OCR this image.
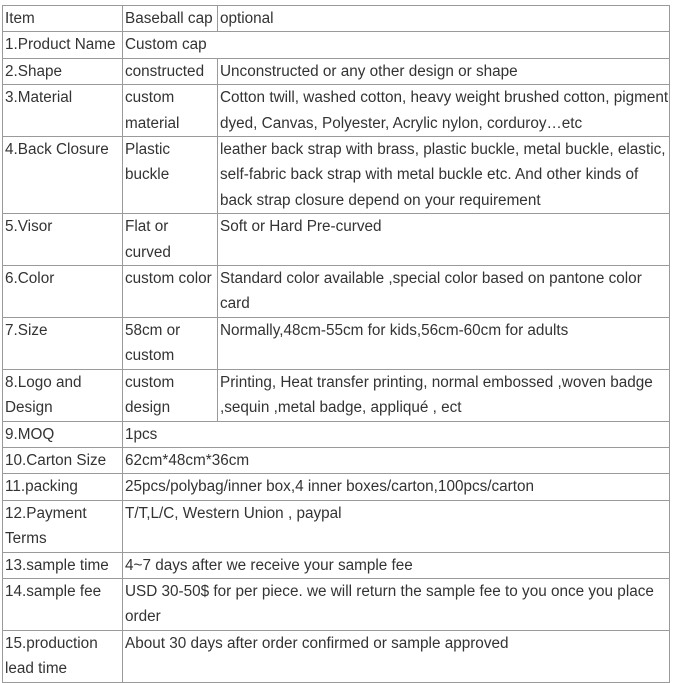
Item	Baseball cap	optional
1.Product Name	Custom cap	
2.Shape	constructed	Unconstructed or any other design or shape
3.Material	custom material	Cotton twill, washed cotton, heavy weight brushed cotton, pigment dyed, Canvas, Polyester, Acrylic nylon, corduroy…etc
4.Back Closure	Plastic buckle	leather back strap with brass, plastic buckle, metal buckle, elastic, self-fabric back strap with metal buckle etc. And other kinds of back strap closure depend on your requirement
5.Visor	Flat or curved	Soft or Hard Pre-curved
6.Color	custom color	Standard color available ,special color based on pantone color card
7.Size	58cm or custom	Normally,48cm-55cm for kids,56cm-60cm for adults
8.Logo and Design	custom design	Printing, Heat transfer printing, normal embossed ,woven badge ,sequin ,metal badge, appliqué , ect
9.MOQ	1pcs	
10.Carton Size	62cm*48cm*36cm	
11.packing	25pcs/polybag/inner box,4 inner boxes/carton,100pcs/carton	
12.Payment Terms	T/T,L/C, Western Union , paypal	
13.sample time	4~7 days after we receive your sample fee	
14.sample fee	USD 30-50$ for per piece. we will return the sample fee to you once you place order	
15.production lead time	About 30 days after order confirmed or sample approved	
